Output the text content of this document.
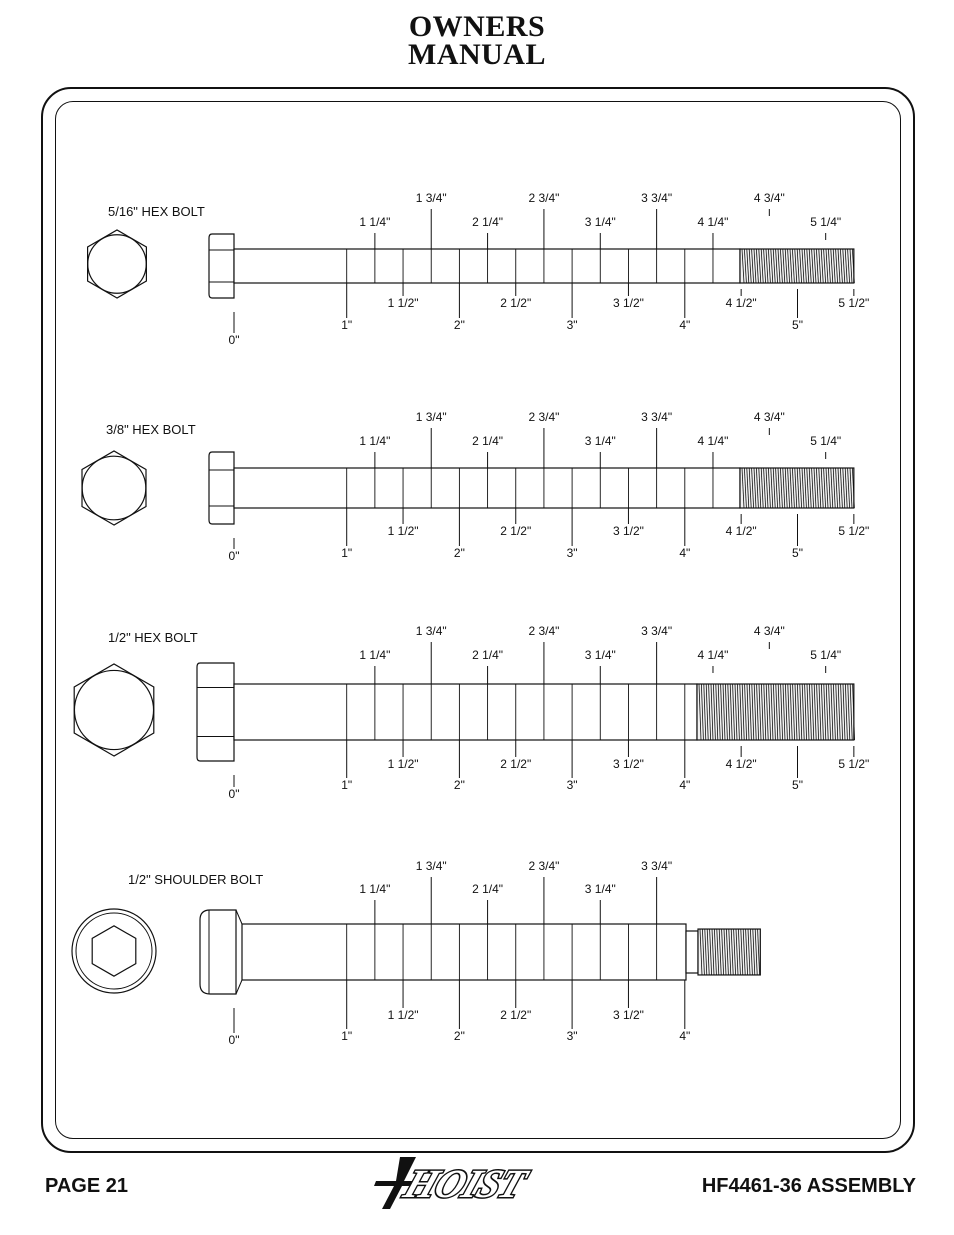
OWNERS
MANUAL
5/16" HEX BOLT
1 1/4"
1 3/4"
2 1/4"
2 3/4"
3 1/4"
3 3/4"
4 1/4"
4 3/4"
5 1/4"
0"
1"
1 1/2"
2"
2 1/2"
3"
3 1/2"
4"
4 1/2"
5"
5 1/2"
3/8" HEX BOLT
1 1/4"
1 3/4"
2 1/4"
2 3/4"
3 1/4"
3 3/4"
4 1/4"
4 3/4"
5 1/4"
0"	1"
1 1/2"
2"
2 1/2"
3"
3 1/2"
4"
4 1/2"
5"
5 1/2"
1/2" HEX BOLT
1 1/4"
1 3/4"
2 1/4"
2 3/4"
3 1/4"
3 3/4"
4 1/4"
4 3/4"
5 1/4"
0"
1"
1 1/2"
2"
2 1/2"
3"
3 1/2"
4"
4 1/2"
5"
5 1/2"
1/2" SHOULDER BOLT
1 1/4"
1 3/4"
2 1/4"
2 3/4"
3 1/4"
3 3/4"
0"	1"
1 1/2"
2"
2 1/2"
3"
3 1/2"
4"
PAGE 21	HOIST	HF4461-36 ASSEMBLY
